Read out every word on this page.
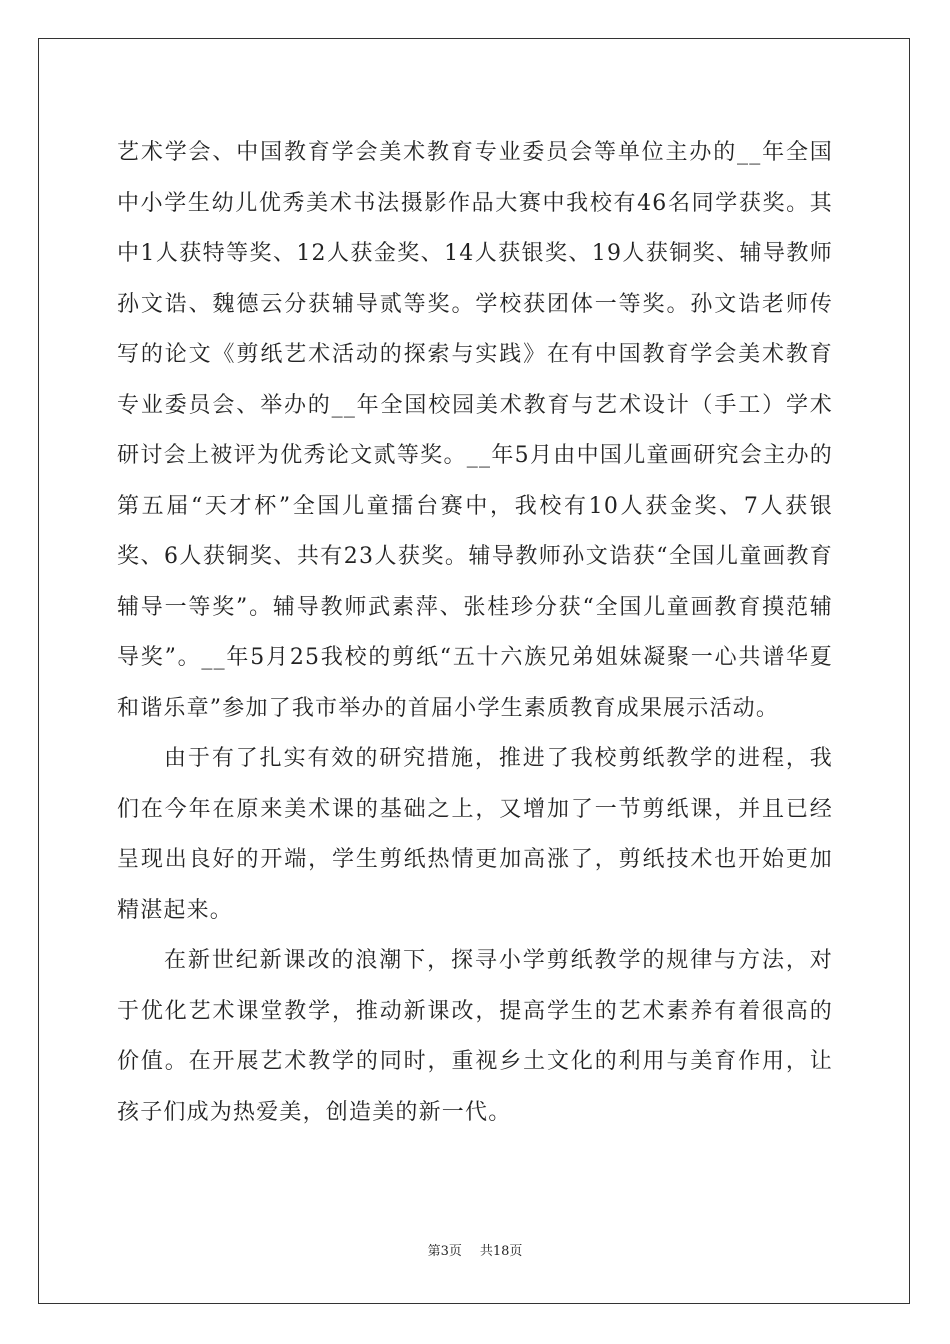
艺术学会、中国教育学会美术教育专业委员会等单位主办的__年全国中小学生幼儿优秀美术书法摄影作品大赛中我校有46名同学获奖。其中1人获特等奖、12人获金奖、14人获银奖、19人获铜奖、辅导教师孙文诰、魏德云分获辅导贰等奖。学校获团体一等奖。孙文诰老师传写的论文《剪纸艺术活动的探索与实践》在有中国教育学会美术教育专业委员会、举办的__年全国校园美术教育与艺术设计（手工）学术研讨会上被评为优秀论文贰等奖。__年5月由中国儿童画研究会主办的第五届“天才杯”全国儿童擂台赛中，我校有10人获金奖、7人获银奖、6人获铜奖、共有23人获奖。辅导教师孙文诰获“全国儿童画教育辅导一等奖”。辅导教师武素萍、张桂珍分获“全国儿童画教育摸范辅导奖”。__年5月25我校的剪纸“五十六族兄弟姐妹凝聚一心共谱华夏和谐乐章”参加了我市举办的首届小学生素质教育成果展示活动。

由于有了扎实有效的研究措施，推进了我校剪纸教学的进程，我们在今年在原来美术课的基础之上，又增加了一节剪纸课，并且已经呈现出良好的开端，学生剪纸热情更加高涨了，剪纸技术也开始更加精湛起来。

在新世纪新课改的浪潮下，探寻小学剪纸教学的规律与方法，对于优化艺术课堂教学，推动新课改，提高学生的艺术素养有着很高的价值。在开展艺术教学的同时，重视乡土文化的利用与美育作用，让孩子们成为热爱美，创造美的新一代。

第3页 共18页
